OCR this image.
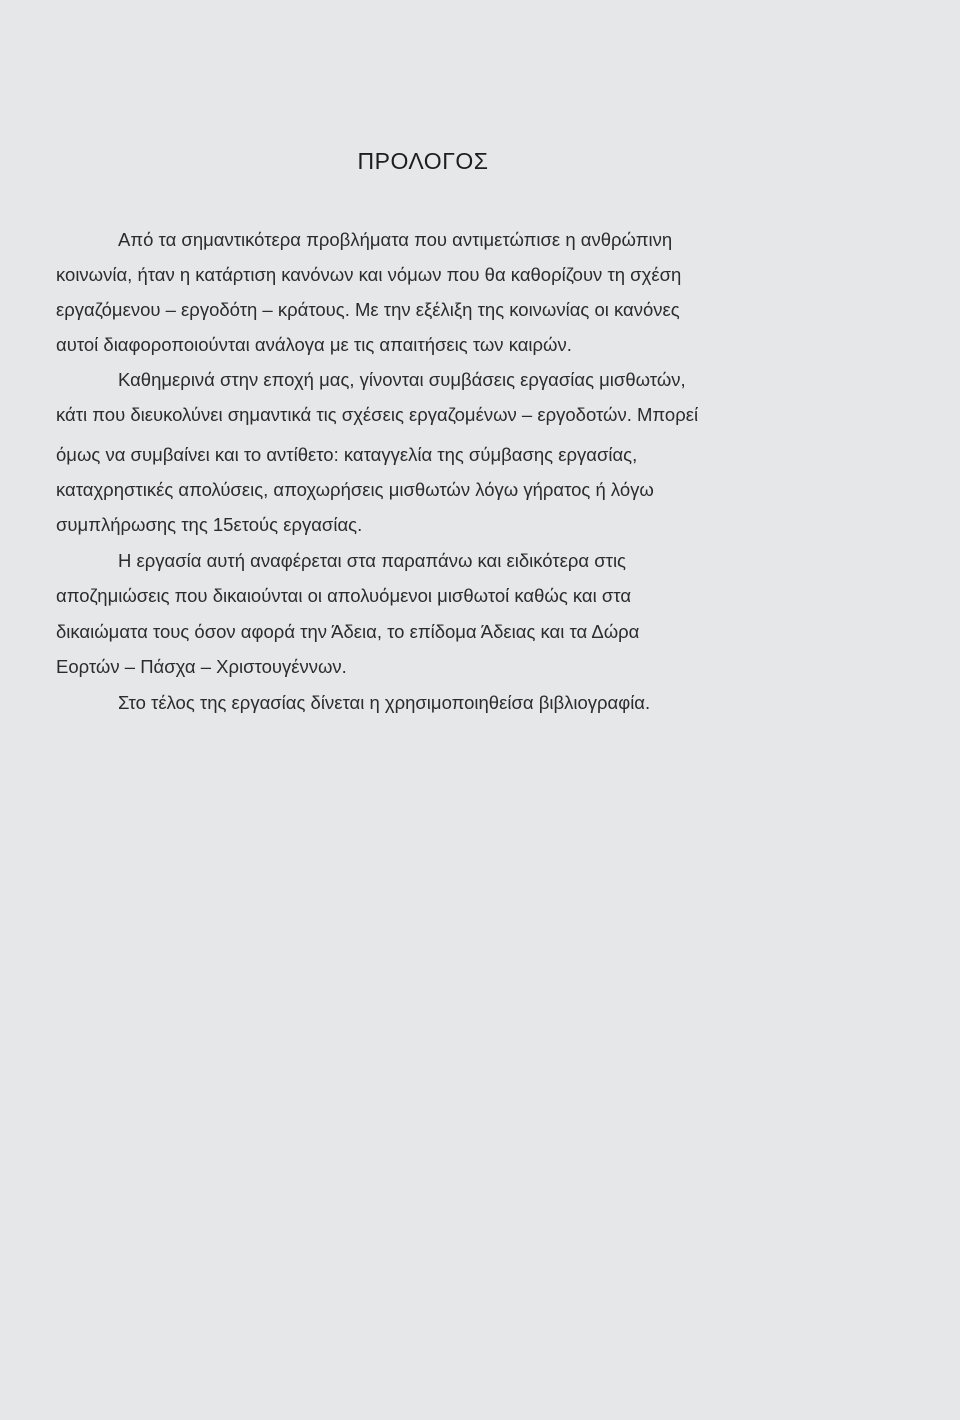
ΠΡΟΛΟΓΟΣ

Από τα σημαντικότερα προβλήματα που αντιμετώπισε η ανθρώπινη

κοινωνία, ήταν η κατάρτιση κανόνων και νόμων που θα καθορίζουν τη σχέση

εργαζόμενου – εργοδότη – κράτους. Με την εξέλιξη της κοινωνίας οι κανόνες

αυτοί διαφοροποιούνται ανάλογα με τις απαιτήσεις των καιρών.

Καθημερινά στην εποχή μας, γίνονται συμβάσεις εργασίας μισθωτών,

κάτι που διευκολύνει σημαντικά τις σχέσεις εργαζομένων – εργοδοτών. Μπορεί

όμως να συμβαίνει και το αντίθετο: καταγγελία της σύμβασης εργασίας,

καταχρηστικές απολύσεις, αποχωρήσεις μισθωτών λόγω γήρατος ή λόγω

συμπλήρωσης της 15ετούς εργασίας.

Η εργασία αυτή αναφέρεται στα παραπάνω και ειδικότερα στις

αποζημιώσεις που δικαιούνται οι απολυόμενοι μισθωτοί καθώς και στα

δικαιώματα τους όσον αφορά την Άδεια, το επίδομα Άδειας και τα Δώρα

Εορτών – Πάσχα – Χριστουγέννων.

Στο τέλος της εργασίας δίνεται η χρησιμοποιηθείσα βιβλιογραφία.
